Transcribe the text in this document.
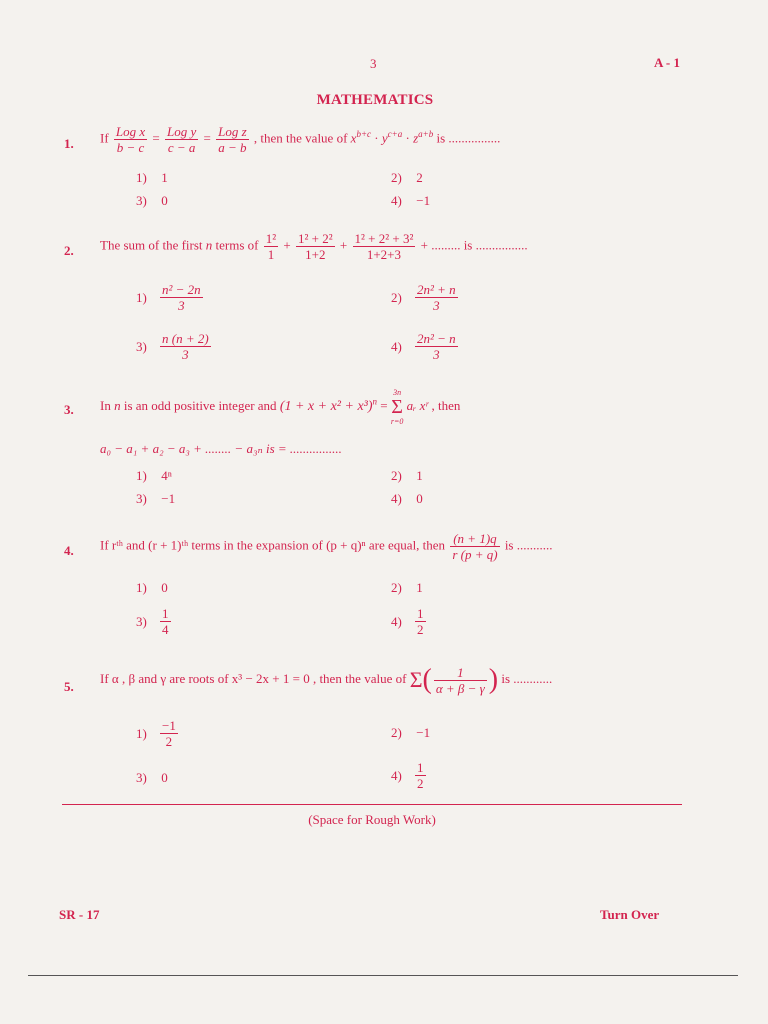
3	A - 1
MATHEMATICS
1. If $\frac{\text{Log x}}{b - c} = \frac{\text{Log y}}{c - a} = \frac{\text{Log z}}{a - b}$ , then the value of $x^{b+c} \cdot y^{c+a} \cdot z^{a+b}$ is ................
1) 1	2) 2
3) 0	4) −1
2. The sum of the first n terms of $\frac{\text{1²}}{1} + \frac{\text{1² + 2²}}{1+2} + \frac{\text{1² + 2² + 3²}}{1+2+3}$ + ......... is ................
$1) \frac{\text{n² − 2n}}{3}$	$2) \frac{\text{2n² + n}}{3}$
$3) \frac{n (n + 2)}{3}$	$4) \frac{\text{2n² − n}}{3}$
3. In n is an odd positive integer and $(1 + x + x^2 + x^3)^n = 3n$
Σ
r=0 aᵣ xʳ , then
a₀ − a₁ + a₂ − a₃ + ........ − a₃ₙ is = ................
1) 4ⁿ	2) 1
3) −1	4) 0
4. If rᵗʰ and (r + 1)ᵗʰ terms in the expansion of (p + q)ⁿ are equal, then $\frac{(n + 1)q}{r (p + q)}$ is ...........
1) 0	2) 1
$3) \frac{1}{4}$	$4) \frac{1}{2}$
5.
If α , β and γ are roots of x³ − 2x + 1 = 0 , then the value of $\Sigma( \frac{1}{\alpha + \beta - \gamma}$ ) is ............
$1) \frac{-1}{2}$	2) −1
3) 0	$4) \frac{1}{2}$
(Space for Rough Work)
SR - 17	Turn Over
